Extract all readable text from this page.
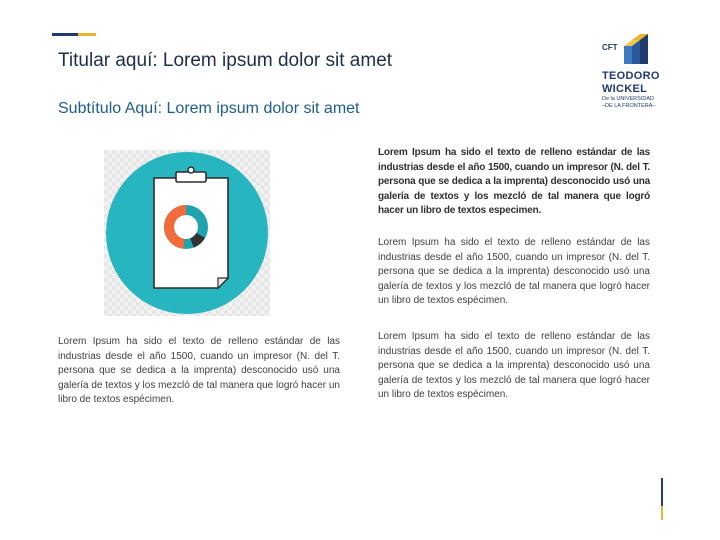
Titular aquí: Lorem ipsum dolor sit amet
Subtítulo Aquí: Lorem ipsum dolor sit amet
CFT
TEODORO
WICKEL
De la UNIVERSIDAD
–DE LA FRONTERA–
Lorem Ipsum ha sido el texto de relleno estándar de las industrias desde el año 1500, cuando un impresor (N. del T. persona que se dedica a la imprenta) desconocido usó una galería de textos y los mezcló de tal manera que logró hacer un libro de textos especimen.
Lorem Ipsum ha sido el texto de relleno estándar de las industrias desde el año 1500, cuando un impresor (N. del T. persona que se dedica a la imprenta) desconocido usó una galería de textos y los mezcló de tal manera que logró hacer un libro de textos espécimen.
Lorem Ipsum ha sido el texto de relleno estándar de las industrias desde el año 1500, cuando un impresor (N. del T. persona que se dedica a la imprenta) desconocido usó una galería de textos y los mezcló de tal manera que logró hacer un libro de textos espécimen.
Lorem Ipsum ha sido el texto de relleno estándar de las industrias desde el año 1500, cuando un impresor (N. del T. persona que se dedica a la imprenta) desconocido usó una galería de textos y los mezcló de tal manera que logró hacer un libro de textos espécimen.
